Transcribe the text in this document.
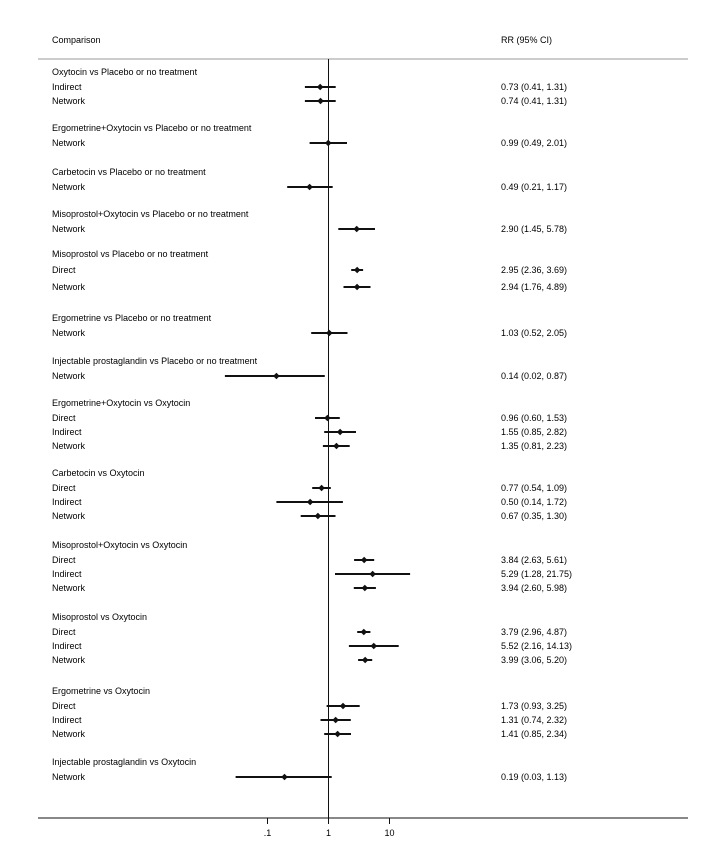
Comparison	RR (95% CI)
Oxytocin vs Placebo or no treatment
Indirect	0.73 (0.41, 1.31)
Network	0.74 (0.41, 1.31)
Ergometrine+Oxytocin vs Placebo or no treatment
Network	0.99 (0.49, 2.01)
Carbetocin vs Placebo or no treatment
Network	0.49 (0.21, 1.17)
Misoprostol+Oxytocin vs Placebo or no treatment
Network	2.90 (1.45, 5.78)
Misoprostol vs Placebo or no treatment
Direct	2.95 (2.36, 3.69)
Network	2.94 (1.76, 4.89)
Ergometrine vs Placebo or no treatment
Network	1.03 (0.52, 2.05)
Injectable prostaglandin vs Placebo or no treatment
Network	0.14 (0.02, 0.87)
Ergometrine+Oxytocin vs Oxytocin
Direct	0.96 (0.60, 1.53)
Indirect	1.55 (0.85, 2.82)
Network	1.35 (0.81, 2.23)
Carbetocin vs Oxytocin
Direct	0.77 (0.54, 1.09)
Indirect	0.50 (0.14, 1.72)
Network	0.67 (0.35, 1.30)
Misoprostol+Oxytocin vs Oxytocin
Direct	3.84 (2.63, 5.61)
Indirect	5.29 (1.28, 21.75)
Network	3.94 (2.60, 5.98)
Misoprostol vs Oxytocin
Direct	3.79 (2.96, 4.87)
Indirect	5.52 (2.16, 14.13)
Network	3.99 (3.06, 5.20)
Ergometrine vs Oxytocin
Direct	1.73 (0.93, 3.25)
Indirect	1.31 (0.74, 2.32)
Network	1.41 (0.85, 2.34)
Injectable prostaglandin vs Oxytocin
Network	0.19 (0.03, 1.13)
.1	1	10
